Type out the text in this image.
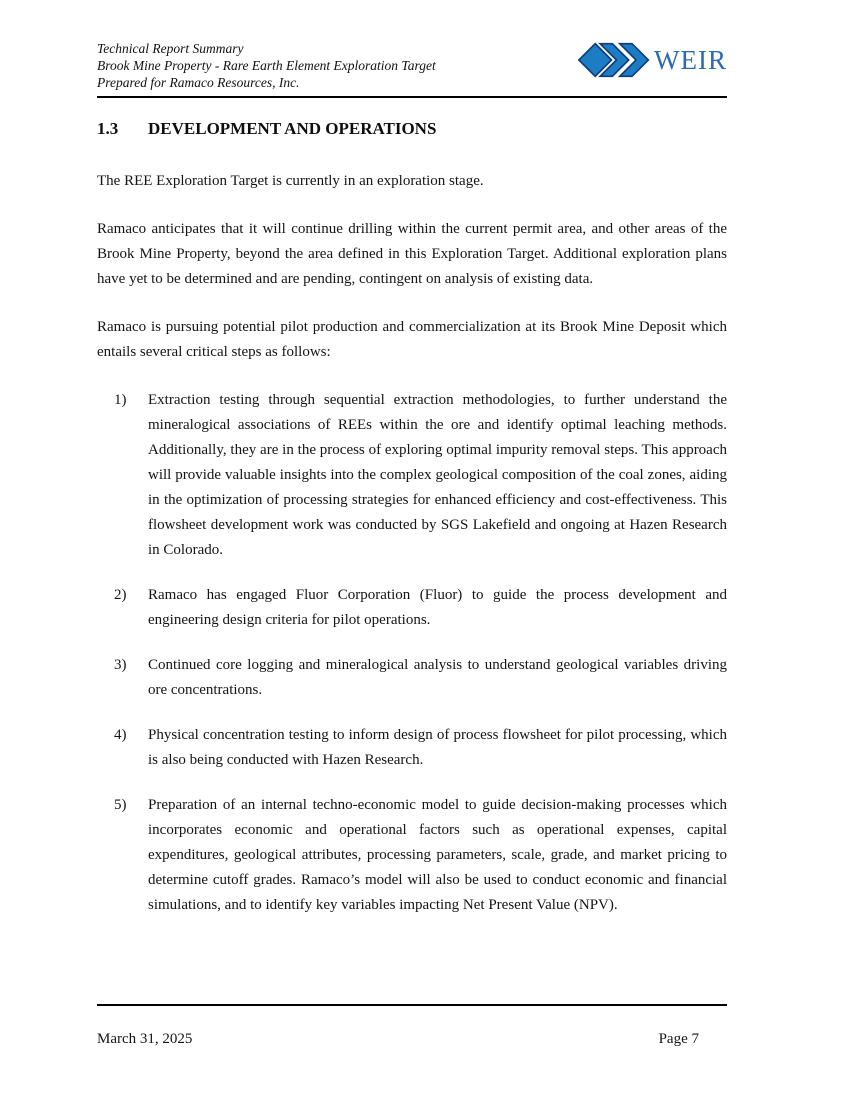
Technical Report Summary
Brook Mine Property - Rare Earth Element Exploration Target
Prepared for Ramaco Resources, Inc.
WEIR
1.3	DEVELOPMENT AND OPERATIONS

The REE Exploration Target is currently in an exploration stage.

Ramaco anticipates that it will continue drilling within the current permit area, and other areas of the Brook Mine Property, beyond the area defined in this Exploration Target. Additional exploration plans have yet to be determined and are pending, contingent on analysis of existing data.

Ramaco is pursuing potential pilot production and commercialization at its Brook Mine Deposit which entails several critical steps as follows:

1)	Extraction testing through sequential extraction methodologies, to further understand the mineralogical associations of REEs within the ore and identify optimal leaching methods. Additionally, they are in the process of exploring optimal impurity removal steps. This approach will provide valuable insights into the complex geological composition of the coal zones, aiding in the optimization of processing strategies for enhanced efficiency and cost-effectiveness. This flowsheet development work was conducted by SGS Lakefield and ongoing at Hazen Research in Colorado.
2)	Ramaco has engaged Fluor Corporation (Fluor) to guide the process development and engineering design criteria for pilot operations.
3)	Continued core logging and mineralogical analysis to understand geological variables driving ore concentrations.
4)	Physical concentration testing to inform design of process flowsheet for pilot processing, which is also being conducted with Hazen Research.
5)	Preparation of an internal techno-economic model to guide decision-making processes which incorporates economic and operational factors such as operational expenses, capital expenditures, geological attributes, processing parameters, scale, grade, and market pricing to determine cutoff grades. Ramaco’s model will also be used to conduct economic and financial simulations, and to identify key variables impacting Net Present Value (NPV).
March 31, 2025	Page 7
